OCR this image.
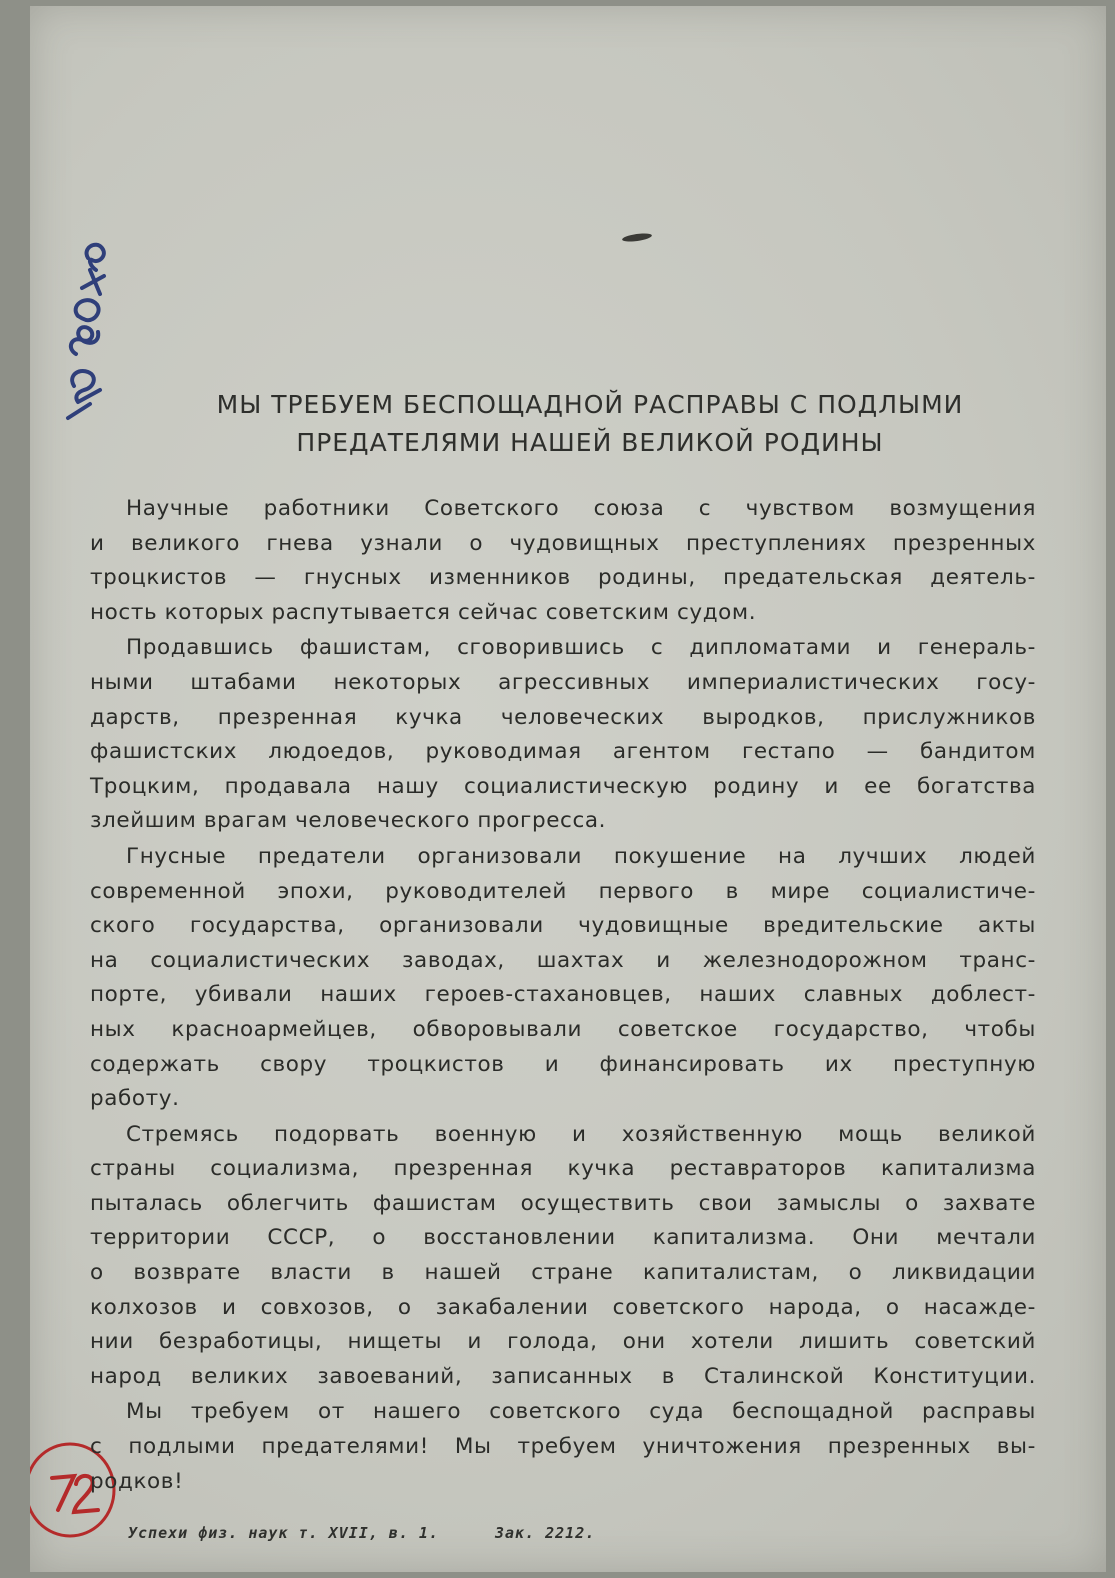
МЫ ТРЕБУЕМ БЕСПОЩАДНОЙ РАСПРАВЫ С ПОДЛЫМИ
ПРЕДАТЕЛЯМИ НАШЕЙ ВЕЛИКОЙ РОДИНЫ

Научные работники Советского союза с чувством возмущения
и великого гнева узнали о чудовищных преступлениях презренных
троцкистов — гнусных изменников родины, предательская деятель-
ность которых распутывается сейчас советским судом.

Продавшись фашистам, сговорившись с дипломатами и генераль-
ными штабами некоторых агрессивных империалистических госу-
дарств, презренная кучка человеческих выродков, прислужников
фашистских людоедов, руководимая агентом гестапо — бандитом
Троцким, продавала нашу социалистическую родину и ее богатства
злейшим врагам человеческого прогресса.

Гнусные предатели организовали покушение на лучших людей
современной эпохи, руководителей первого в мире социалистиче-
ского государства, организовали чудовищные вредительские акты
на социалистических заводах, шахтах и железнодорожном транс-
порте, убивали наших героев-стахановцев, наших славных доблест-
ных красноармейцев, обворовывали советское государство, чтобы
содержать свору троцкистов и финансировать их преступную
работу.

Стремясь подорвать военную и хозяйственную мощь великой
страны социализма, презренная кучка реставраторов капитализма
пыталась облегчить фашистам осуществить свои замыслы о захвате
территории СССР, о восстановлении капитализма. Они мечтали
о возврате власти в нашей стране капиталистам, о ликвидации
колхозов и совхозов, о закабалении советского народа, о насажде-
нии безработицы, нищеты и голода, они хотели лишить советский
народ великих завоеваний, записанных в Сталинской Конституции.

Мы требуем от нашего советского суда беспощадной расправы
с подлыми предателями! Мы требуем уничтожения презренных вы-
родков!

Успехи физ. наук т. XVII, в. 1.	Зак. 2212.
